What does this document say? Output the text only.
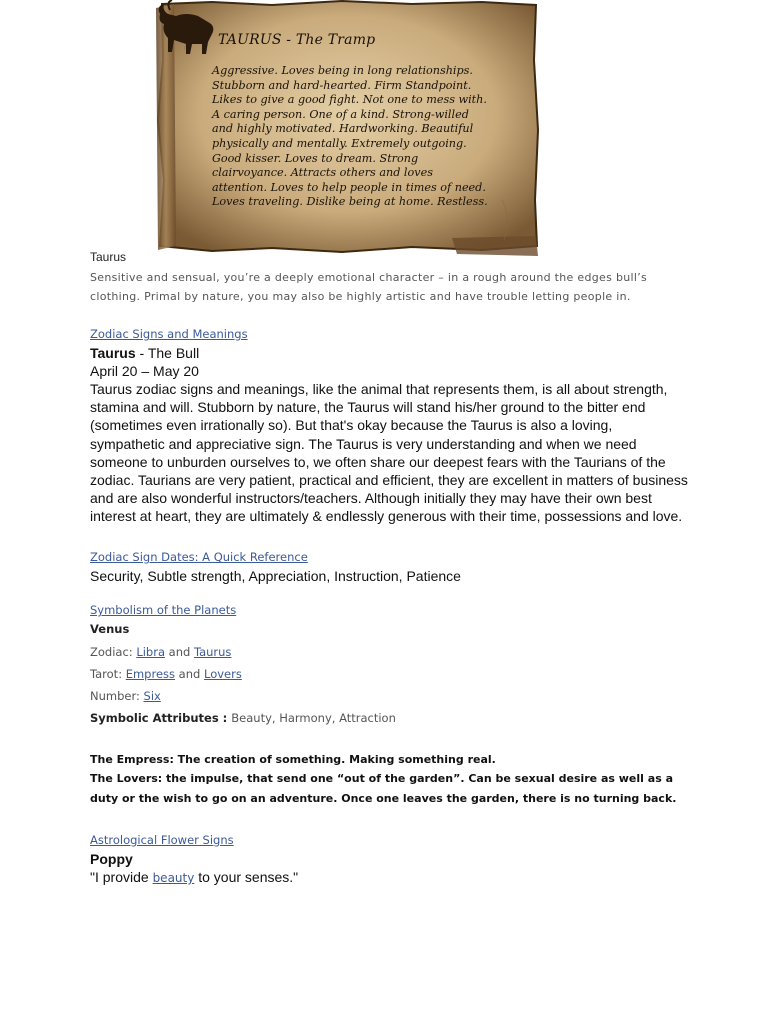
TAURUS - The Tramp
Aggressive. Loves being in long relationships.
Stubborn and hard-hearted. Firm Standpoint.
Likes to give a good fight. Not one to mess with.
A caring person. One of a kind. Strong-willed
and highly motivated. Hardworking. Beautiful
physically and mentally. Extremely outgoing.
Good kisser. Loves to dream. Strong
clairvoyance. Attracts others and loves
attention. Loves to help people in times of need.
Loves traveling. Dislike being at home. Restless.
Taurus
Sensitive and sensual, you’re a deeply emotional character – in a rough around the edges bull’s clothing. Primal by nature, you may also be highly artistic and have trouble letting people in.
Zodiac Signs and Meanings
Taurus - The Bull
April 20 – May 20
Taurus zodiac signs and meanings, like the animal that represents them, is all about strength, stamina and will. Stubborn by nature, the Taurus will stand his/her ground to the bitter end (sometimes even irrationally so). But that's okay because the Taurus is also a loving, sympathetic and appreciative sign. The Taurus is very understanding and when we need someone to unburden ourselves to, we often share our deepest fears with the Taurians of the zodiac. Taurians are very patient, practical and efficient, they are excellent in matters of business and are also wonderful instructors/teachers. Although initially they may have their own best interest at heart, they are ultimately & endlessly generous with their time, possessions and love.
Zodiac Sign Dates: A Quick Reference
Security, Subtle strength, Appreciation, Instruction, Patience
Symbolism of the Planets
Venus
Zodiac: Libra and Taurus
Tarot: Empress and Lovers
Number: Six
Symbolic Attributes : Beauty, Harmony, Attraction
The Empress: The creation of something. Making something real.
The Lovers: the impulse, that send one “out of the garden”. Can be sexual desire as well as a duty or the wish to go on an adventure. Once one leaves the garden, there is no turning back.
Astrological Flower Signs
Poppy
"I provide beauty to your senses."
